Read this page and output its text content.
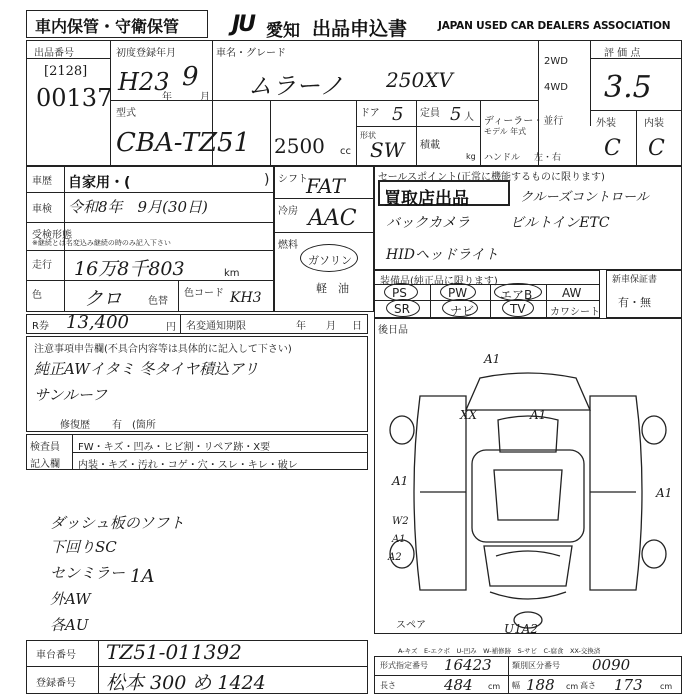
車内保管・守衛保管 JU 愛知 出品申込書	JAPAN USED CAR DEALERS ASSOCIATION
出品番号
[2128]
00137
初度登録年月
H23
年
9
月
車名・グレード
ムラーノ 250XV
2WD
4WD
評 価 点
3.5
外装	内装
C C
型式
CBA-TZ51 2500 cc
ドア 5 定員 5 人
形状
SW 積載
kg
ディーラー・並行
モデル 年式
ハンドル 左・右
車歴 自家用・(	)
車検 令和8年　9月(30日)
受検形態
※継続とは名変込み継続の時のみ記入下さい
走行 16万8千803	km
色 クロ	色替
色コード KH3
シフト
FAT
冷房 AAC
燃料
ガソリン
軽　油
セールスポイント(正常に機能するものに限ります)
買取店出品	クルーズコントロール
バックカメラ	ビルトインETC
HIDヘッドライト
装備品(純正品に限ります)
PS	PW	エアB AW
SR	ナビ	TV カワシート
新車保証書
有・無
R券 13,400	円 名変通知期限	年 月 日
注意事項申告欄(不具合内容等は具体的に記入して下さい)
純正AWイタミ 冬タイヤ積込アリ
サンルーフ
修復歴 有　(箇所
検査員
記入欄
FW・キズ・凹み・ヒビ割・リペア跡・X要
内装・キズ・汚れ・コゲ・穴・スレ・キレ・破レ
ダッシュ板のソフト
下回りSC
センミラー 1A
外AW
各AU
後日品
A1
XX	A1
A1
A1
A1
W2
A2
U1A2
スペア
A-キズ　E-エクボ　U-凹み　W-補修跡　S-サビ　C-腐食　XX-交換済
車台番号 TZ51-011392
登録番号 松本 300 め 1424
形式指定番号 16423	類別区分番号 0090
長さ	484 cm 幅 188 cm 高さ 173 cm
